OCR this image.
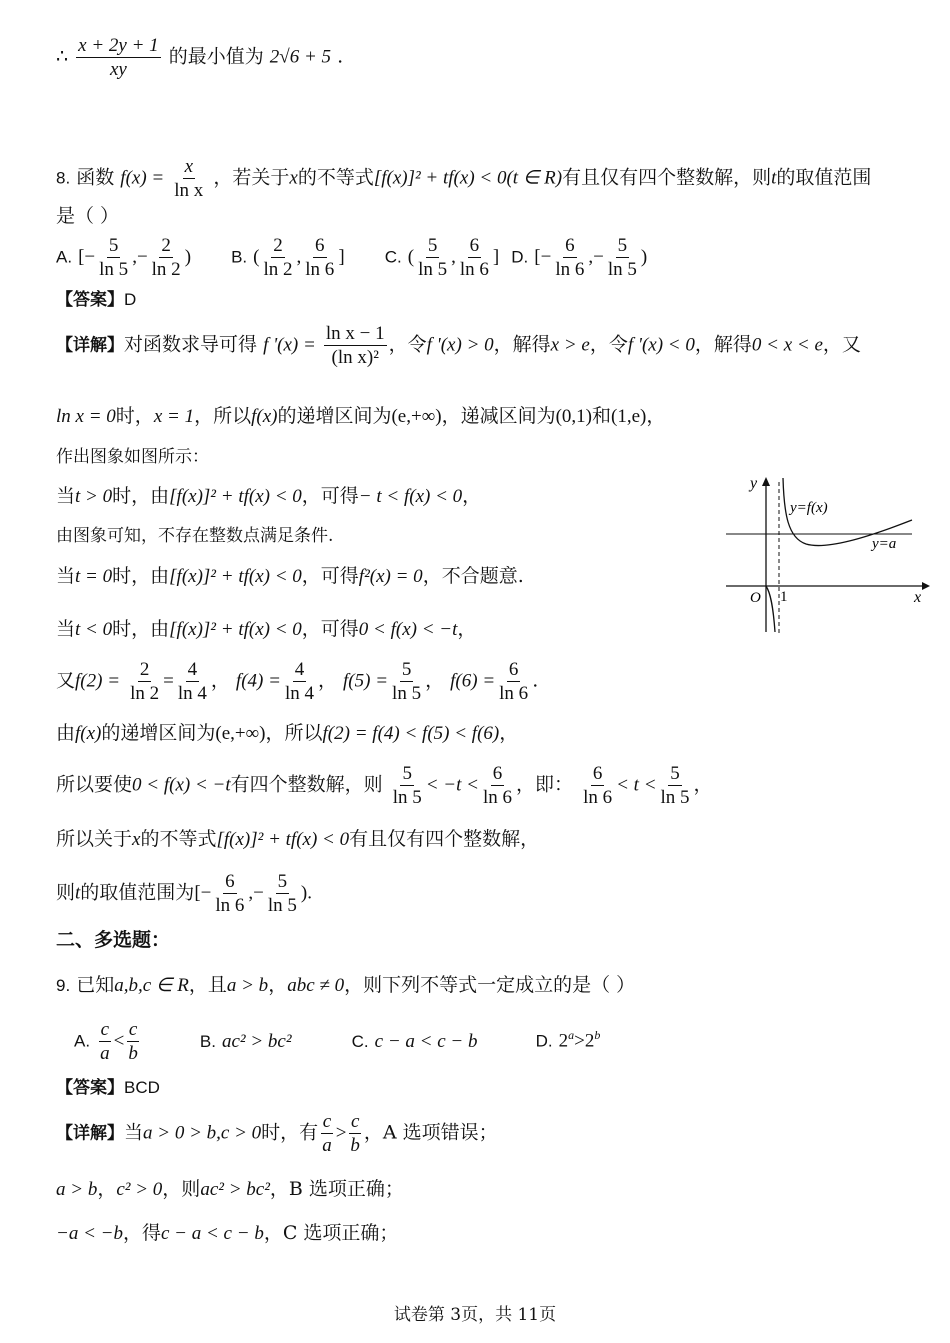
∴ $\frac{x + 2y + 1}{xy}$ 的最小值为 2√6 + 5 .
8. 函数 $f(x) = \frac{x}{\text{ln x}}$ ，若关于x的不等式[f(x)]² + tf(x) < 0(t ∈ R)有且仅有四个整数解，则t的取值范围
是（ ）
A. [− $\frac{5}{\ln 5}$ ,− $\frac{2}{\ln 2}$ ) B. ( $\frac{2}{\ln 2}$ , $\frac{6}{\ln 6}$ ] C. ( $\frac{5}{\ln 5}$ , $\frac{6}{\ln 6}$ ] D. [− $\frac{6}{\ln 6}$ ,− $\frac{5}{\ln 5}$ )
【答案】D
【详解】对函数求导可得 f '$(x) = \frac{\text{ln x − 1}}{\text{(ln x)²}}$ ，令f '(x) > 0，解得x > e，令f '(x) < 0，解得0 < x < e，又
ln x = 0时，x = 1，所以f(x)的递增区间为(e,+∞)，递减区间为(0,1)和(1,e)，
作出图象如图所示：
当t > 0时，由[f(x)]² + tf(x) < 0，可得− t < f(x) < 0，
由图象可知，不存在整数点满足条件.
当t = 0时，由[f(x)]² + tf(x) < 0，可得f²(x) = 0，不合题意.
当t < 0时，由[f(x)]² + tf(x) < 0，可得0 < f(x) < −t，
又$f(2) = \frac{2}{\ln 2} = \frac{4}{\ln 4}$ ， $f(4) = \frac{4}{\ln 4}$ ， $f(5) = \frac{5}{\ln 5}$ ， $f(6) = \frac{6}{\ln 6}$ .
由f(x)的递增区间为(e,+∞)，所以f(2) = f(4) < f(5) < f(6)，
所以要使0 < f(x) < −t有四个整数解，则 $\frac{5}{\ln 5} < -t < \frac{6}{\ln 6}$ ，即： $\frac{6}{\ln 6} < t < \frac{5}{\ln 5}$ ，
所以关于x的不等式[f(x)]² + tf(x) < 0有且仅有四个整数解，
则t的取值范围为[− $\frac{6}{\ln 6}$ ,− $\frac{5}{\ln 5}$ ).
y
y=f(x)
y=a
O 1	x
二、多选题：
9. 已知a,b,c ∈ R，且a > b，abc ≠ 0，则下列不等式一定成立的是（ ）
A. $\frac{c}{a} < \frac{c}{b}$	B. ac² > bc²	C. c − a < c − b	D. $2^a>2^b$
【答案】BCD
【详解】当a > 0 > b,c > 0时，有 $\frac{c}{a} > \frac{c}{b}$ ，A 选项错误；
a > b，c² > 0，则ac² > bc²，B 选项正确；
−a < −b，得c − a < c − b，C 选项正确；
试卷第 3页，共 11页
